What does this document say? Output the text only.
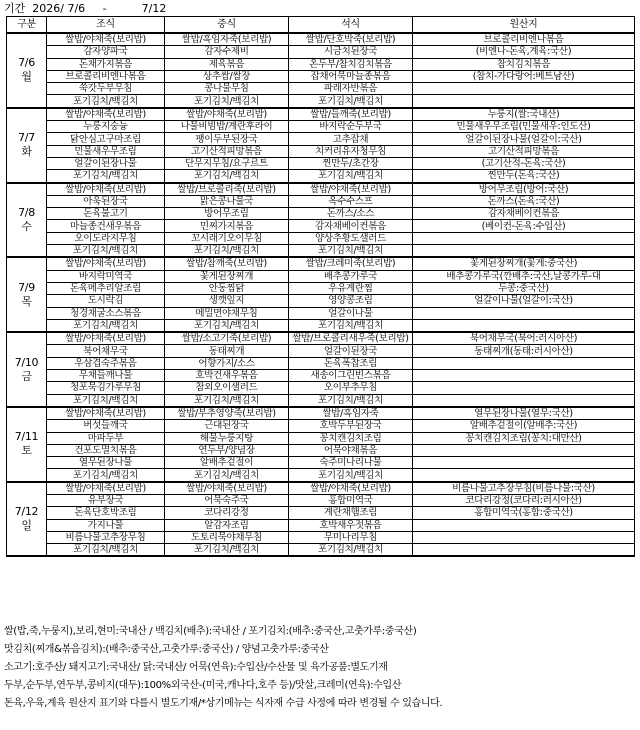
기간 2026/ 7/6 -	7/12
구분	조식	중식	석식	원산지

7/6
월	쌀밥/야채죽(보리밥)	쌀밥/흑임자죽(보리밥)	쌀밥/단호박죽(보리밥)	브로콜리비엔나볶음
	감자양파국	감자수제비	시금치된장국	(비엔나-돈육,계육:국산)
	돈채가지볶음	제육볶음	온두부/참치김치볶음	참치김치볶음
	브로콜리비엔나볶음	상추쌈/쌈장	잡채어묵마늘종볶음	(참치-가다랑어:베트남산)
	쑥갓두부무침	콩나물무침	파래자반볶음	
	포기김치/백김치	포기김치/백김치	포기김치/백김치	

7/7
화	쌀밥/야채죽(보리밥)	쌀밥/야채죽(보리밥)	쌀밥/들깨죽(보리밥)	누룽지(쌀:국내산)
	누룽지숭늉	나물비빔밥/계란후라이	바지락순두부국	민물새우무조림(민물새우:인도산)
	닭안심고구마조림	팽이두부된장국	고추잡채	얼갈이된장나물(얼갈이:국산)
	민물새우무조림	고기산적피망볶음	치커리유자청무침	고기산적피망볶음
	얼갈이된장나물	단무지무침/요구르트	찐만두/초간장	(고기산적-돈육:국산)
	포기김치/백김치	포기김치/백김치	포기김치/백김치	찐만두(돈육:국산)

7/8
수	쌀밥/야채죽(보리밥)	쌀밥/브로콜리죽(보리밥)	쌀밥/야채죽(보리밥)	방어무조림(방어:국산)
	아욱된장국	맑은콩나물국	옥수수스프	돈까스(돈육:국산)
	돈육불고기	방어무조림	돈까스/소스	감자채베이컨볶음
	마늘종건새우볶음	민찌가지볶음	감자채베이컨볶음	(베이컨-돈육:수입산)
	오이도라지무침	꼬시래기오이무침	양상추황도샐러드	
	포기김치/백김치	포기김치/백김치	포기김치/백김치	

7/9
목	쌀밥/야채죽(보리밥)	쌀밥/참깨죽(보리밥)	쌀밥/크레미죽(보리밥)	꽃게된장찌개(꽃게:중국산)
	바지락미역국	꽃게된장찌개	배추콩가루국	배추콩가루국(깐배추:국산,날콩가루-대
	돈육메추리알조림	안동찜닭	우유계란찜	두콩:중국산)
	도시락김	생깻잎지	영양콩조림	얼갈이나물(얼갈이:국산)
	청경채굴소스볶음	메밀면야채무침	얼갈이나물	
	포기김치/백김치	포기김치/백김치	포기김치/백김치	

7/10
금	쌀밥/야채죽(보리밥)	쌀밥/소고기죽(보리밥)	쌀밥/브로콜리새우죽(보리밥)	북어채무국(북어:러시아산)
	북어채무국	동태찌개	얼갈이된장국	동태찌개(동태:러시아산)
	우삼겹숙주볶음	어향가지/소스	돈육폭찹조림	
	무채들깨나물	호박건새우볶음	새송이그린빈스볶음	
	청포묵김가루무침	참외오이샐러드	오이부추무침	
	포기김치/백김치	포기김치/백김치	포기김치/백김치	

7/11
토	쌀밥/야채죽(보리밥)	쌀밥/부추영양죽(보리밥)	쌀밥/흑임자죽	열무된장나물(열무:국산)
	버섯들깨국	근대된장국	호박두부된장국	알배추겉절이(알배추:국산)
	마파두부	해물누룽지탕	꽁치캔김치조림	꽁치캔김치조림(꽁치:대만산)
	건포도멸치볶음	연두부/양념장	어묵야채볶음	
	열무된장나물	알배추겉절이	숙주미나리나물	
	포기김치/백김치	포기김치/백김치	포기김치/백김치	

7/12
일	쌀밥/야채죽(보리밥)	쌀밥/야채죽(보리밥)	쌀밥/야채죽(보리밥)	비름나물고추장무침(비름나물:국산)
	유부장국	어묵숙주국	홍합미역국	코다리강정(코다리:러시아산)
	돈육단호박조림	코다리강정	계란채햄조림	홍합미역국(홍합:중국산)
	가지나물	알감자조림	호박새우젓볶음	
	비름나물고추장무침	도토리묵야채무침	무미나리무침	
	포기김치/백김치	포기김치/백김치	포기김치/백김치	
쌀(밥,죽,누룽지),보리,현미:국내산 / 백김치(배추):국내산 / 포기김치:(배추:중국산,고춧가루:중국산)
맛김치(찌개&볶음김치):(배추:중국산,고춧가루:중국산) / 양념고춧가루:중국산
소고기:호주산/ 돼지고기:국내산/ 닭:국내산/ 어묵(연육):수입산/수산물 및 육가공품:별도기재
두부,순두부,연두부,콩비지(대두):100%외국산-(미국,캐나다,호주 등)/맛살,크레미(연육):수입산
돈육,우육,계육 원산지 표기와 다를시 별도기재/*상기메뉴는 식자재 수급 사정에 따라 변경될 수 있습니다.
